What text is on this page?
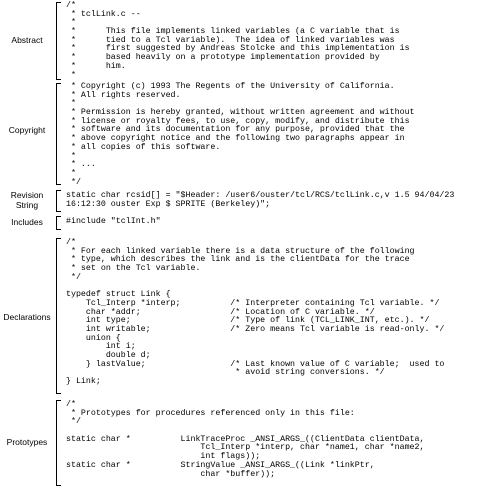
Abstract
/*
* tclLink.c --
*
*      This file implements linked variables (a C variable that is
*      tied to a Tcl variable).  The idea of linked variables was
*      first suggested by Andreas Stolcke and this implementation is
*      based heavily on a prototype implementation provided by
*      him.
*
Copyright
* Copyright (c) 1993 The Regents of the University of California.
* All rights reserved.
*
* Permission is hereby granted, without written agreement and without
* license or royalty fees, to use, copy, modify, and distribute this
* software and its documentation for any purpose, provided that the
* above copyright notice and the following two paragraphs appear in
* all copies of this software.
*
* ...
*
*/
Revision
String
static char rcsid[] = "$Header: /user6/ouster/tcl/RCS/tclLink.c,v 1.5 94/04/23
16:12:30 ouster Exp $ SPRITE (Berkeley)";
Includes	#include "tclInt.h"
Declarations
/*
* For each linked variable there is a data structure of the following
* type, which describes the link and is the clientData for the trace
* set on the Tcl variable.
*/
typedef struct Link {
Tcl_Interp *interp;          /* Interpreter containing Tcl variable. */
char *addr;                  /* Location of C variable. */
int type;                    /* Type of link (TCL_LINK_INT, etc.). */
int writable;                /* Zero means Tcl variable is read-only. */
union {
int i;
double d;
} lastValue;                 /* Last known value of C variable;  used to
* avoid string conversions. */
} Link;
Prototypes
/*
* Prototypes for procedures referenced only in this file:
*/
static char *          LinkTraceProc _ANSI_ARGS_((ClientData clientData,
Tcl_Interp *interp, char *name1, char *name2,
int flags));
static char *          StringValue _ANSI_ARGS_((Link *linkPtr,
char *buffer));
